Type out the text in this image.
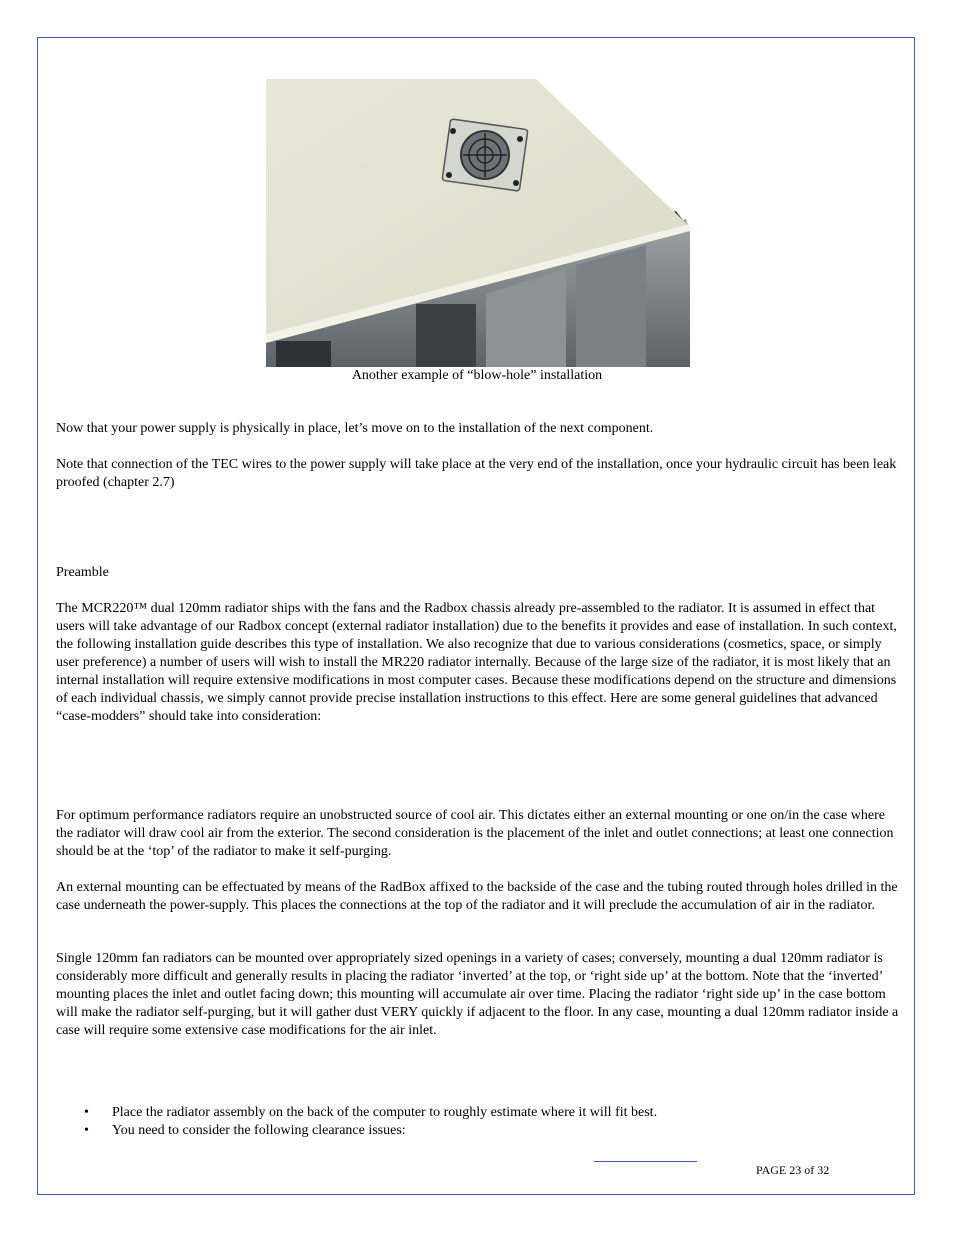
Another example of “blow-hole” installation

Now that your power supply is physically in place, let’s move on to the installation of the next component.

Note that connection of the TEC wires to the power supply will take place at the very end of the installation, once your hydraulic circuit has been leak proofed (chapter 2.7)

Preamble

The MCR220™ dual 120mm radiator ships with the fans and the Radbox chassis already pre-assembled to the radiator. It is assumed in effect that users will take advantage of our Radbox concept (external radiator installation) due to the benefits it provides and ease of installation. In such context, the following installation guide describes this type of installation. We also recognize that due to various considerations (cosmetics, space, or simply user preference) a number of users will wish to install the MR220 radiator internally. Because of the large size of the radiator, it is most likely that an internal installation will require extensive modifications in most computer cases. Because these modifications depend on the structure and dimensions of each individual chassis, we simply cannot provide precise installation instructions to this effect. Here are some general guidelines that advanced “case-modders” should take into consideration:

For optimum performance radiators require an unobstructed source of cool air. This dictates either an external mounting or one on/in the case where the radiator will draw cool air from the exterior. The second consideration is the placement of the inlet and outlet connections; at least one connection should be at the ‘top’ of the radiator to make it self-purging.

An external mounting can be effectuated by means of the RadBox affixed to the backside of the case and the tubing routed through holes drilled in the case underneath the power-supply. This places the connections at the top of the radiator and it will preclude the accumulation of air in the radiator.

Single 120mm fan radiators can be mounted over appropriately sized openings in a variety of cases; conversely, mounting a dual 120mm radiator is considerably more difficult and generally results in placing the radiator ‘inverted’ at the top, or ‘right side up’ at the bottom. Note that the ‘inverted’ mounting places the inlet and outlet facing down; this mounting will accumulate air over time. Placing the radiator ‘right side up’ in the case bottom will make the radiator self-purging, but it will gather dust VERY quickly if adjacent to the floor. In any case, mounting a dual 120mm radiator inside a case will require some extensive case modifications for the air inlet.

• Place the radiator assembly on the back of the computer to roughly estimate where it will fit best.
• You need to consider the following clearance issues:
PAGE 23 of 32
